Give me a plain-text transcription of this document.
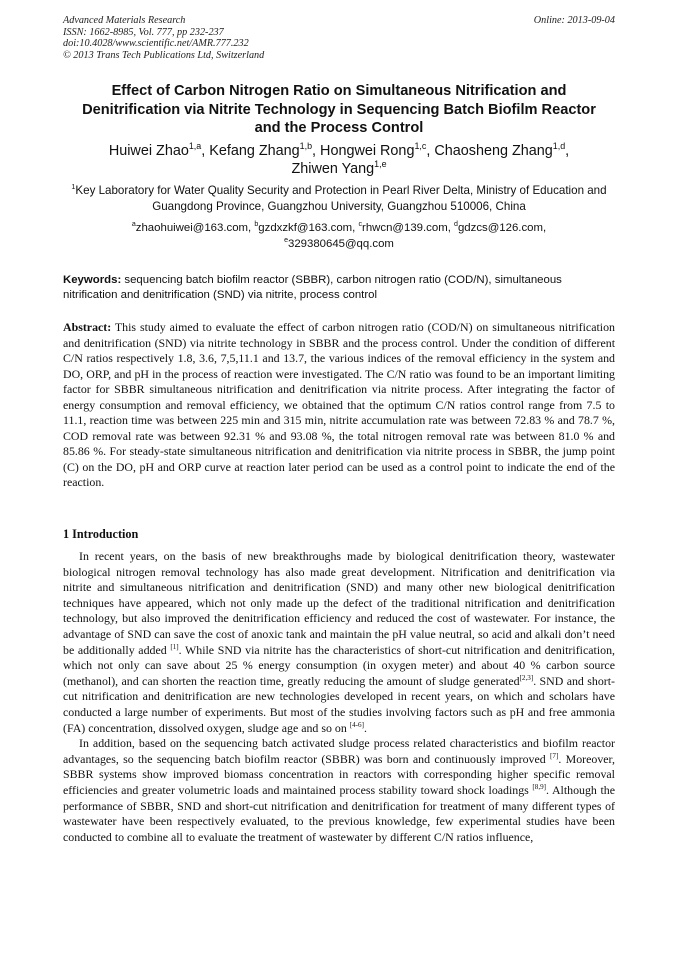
Advanced Materials Research
ISSN: 1662-8985, Vol. 777, pp 232-237
doi:10.4028/www.scientific.net/AMR.777.232
© 2013 Trans Tech Publications Ltd, Switzerland
Online: 2013-09-04
Effect of Carbon Nitrogen Ratio on Simultaneous Nitrification and Denitrification via Nitrite Technology in Sequencing Batch Biofilm Reactor and the Process Control
Huiwei Zhao$^{1,a}$, Kefang Zhang$^{1,b}$, Hongwei Rong$^{1,c}$, Chaosheng Zhang$^{1,d}$,
Zhiwen Yang$^{1,e}$
$^1$Key Laboratory for Water Quality Security and Protection in Pearl River Delta, Ministry of Education and Guangdong Province, Guangzhou University, Guangzhou 510006, China
$^a$zhaohuiwei@163.com, $^b$gzdxzkf@163.com, $^c$rhwcn@139.com, $^d$gdzcs@126.com,
$^e$329380645@qq.com
Keywords: sequencing batch biofilm reactor (SBBR), carbon nitrogen ratio (COD/N), simultaneous nitrification and denitrification (SND) via nitrite, process control

Abstract: This study aimed to evaluate the effect of carbon nitrogen ratio (COD/N) on simultaneous nitrification and denitrification (SND) via nitrite technology in SBBR and the process control. Under the condition of different C/N ratios respectively 1.8, 3.6, 7,5,11.1 and 13.7, the various indices of the removal efficiency in the system and DO, ORP, and pH in the process of reaction were investigated. The C/N ratio was found to be an important limiting factor for SBBR simultaneous nitrification and denitrification via nitrite process. After integrating the factor of energy consumption and removal efficiency, we obtained that the optimum C/N ratios control range from 7.5 to 11.1, reaction time was between 225 min and 315 min, nitrite accumulation rate was between 72.83 % and 78.7 %, COD removal rate was between 92.31 % and 93.08 %, the total nitrogen removal rate was between 81.0 % and 85.86 %. For steady-state simultaneous nitrification and denitrification via nitrite process in SBBR, the jump point (C) on the DO, pH and ORP curve at reaction later period can be used as a control point to indicate the end of the reaction.

1 Introduction

In recent years, on the basis of new breakthroughs made by biological denitrification theory, wastewater biological nitrogen removal technology has also made great development. Nitrification and denitrification via nitrite and simultaneous nitrification and denitrification (SND) and many other new biological denitrification techniques have appeared, which not only made up the defect of the traditional nitrification and denitrification technology, but also improved the denitrification efficiency and reduced the cost of wastewater. For instance, the advantage of SND can save the cost of anoxic tank and maintain the pH value neutral, so acid and alkali don’t need be additionally added [1]. While SND via nitrite has the characteristics of short-cut nitrification and denitrification, which not only can save about 25 % energy consumption (in oxygen meter) and about 40 % carbon source (methanol), and can shorten the reaction time, greatly reducing the amount of sludge generated[2,3]. SND and short-cut nitrification and denitrification are new technologies developed in recent years, on which and scholars have conducted a large number of experiments. But most of the studies involving factors such as pH and free ammonia (FA) concentration, dissolved oxygen, sludge age and so on [4-6].

In addition, based on the sequencing batch activated sludge process related characteristics and biofilm reactor advantages, so the sequencing batch biofilm reactor (SBBR) was born and continuously improved [7]. Moreover, SBBR systems show improved biomass concentration in reactors with corresponding higher specific removal efficiencies and greater volumetric loads and maintained process stability toward shock loadings [8,9]. Although the performance of SBBR, SND and short-cut nitrification and denitrification for treatment of many different types of wastewater have been respectively evaluated, to the previous knowledge, few experimental studies have been conducted to combine all to evaluate the treatment of wastewater by different C/N ratios influence,
